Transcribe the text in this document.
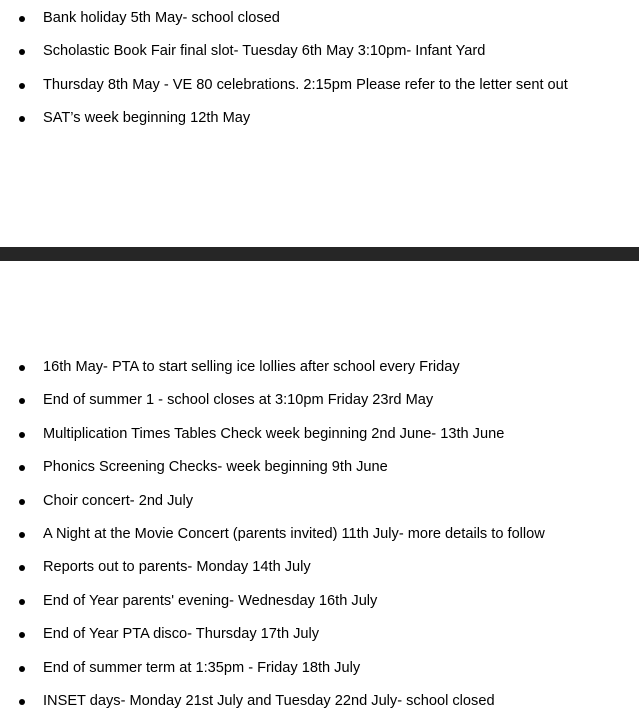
Bank holiday 5th May- school closed
Scholastic Book Fair final slot- Tuesday 6th May 3:10pm- Infant Yard
Thursday 8th May - VE 80 celebrations. 2:15pm Please refer to the letter sent out
SAT’s week beginning 12th May
16th May- PTA to start selling ice lollies after school every Friday
End of summer 1 - school closes at 3:10pm Friday 23rd May
Multiplication Times Tables Check week beginning 2nd June- 13th June
Phonics Screening Checks- week beginning 9th June
Choir concert- 2nd July
A Night at the Movie Concert (parents invited) 11th July- more details to follow
Reports out to parents- Monday 14th July
End of Year parents' evening- Wednesday 16th July
End of Year PTA disco- Thursday 17th July
End of summer term at 1:35pm - Friday 18th July
INSET days- Monday 21st July and Tuesday 22nd July- school closed
